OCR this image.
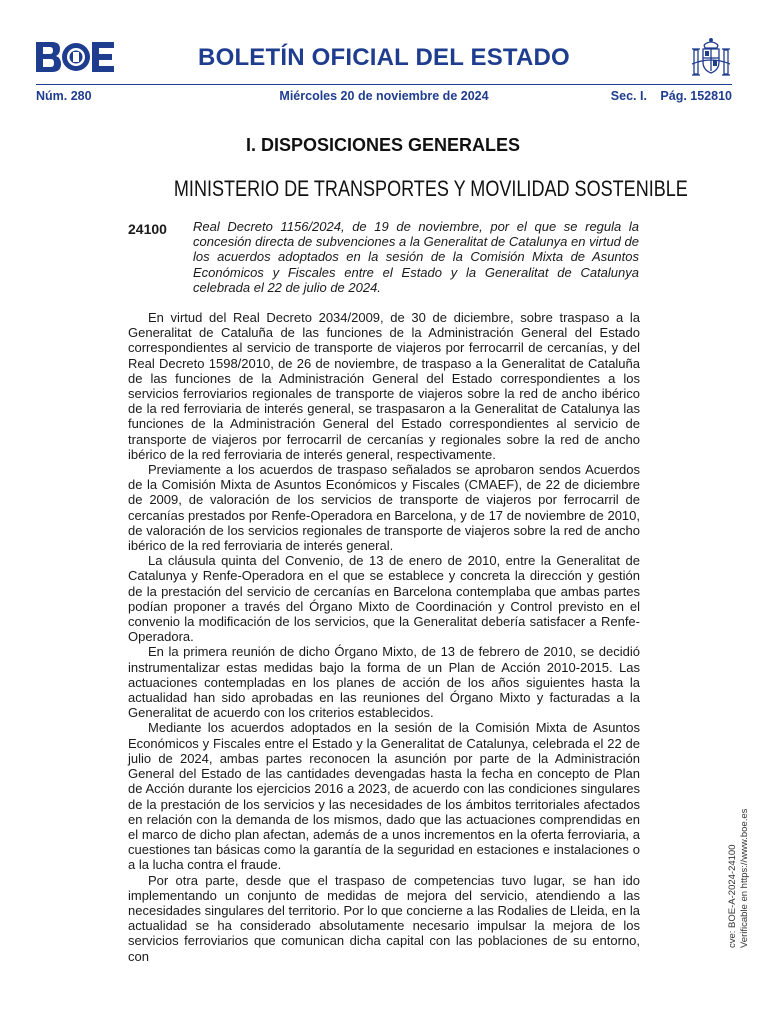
BOLETÍN OFICIAL DEL ESTADO
Núm. 280	Miércoles 20 de noviembre de 2024	Sec. I. Pág. 152810
I. DISPOSICIONES GENERALES
MINISTERIO DE TRANSPORTES Y MOVILIDAD SOSTENIBLE
24100 Real Decreto 1156/2024, de 19 de noviembre, por el que se regula la concesión directa de subvenciones a la Generalitat de Catalunya en virtud de los acuerdos adoptados en la sesión de la Comisión Mixta de Asuntos Económicos y Fiscales entre el Estado y la Generalitat de Catalunya celebrada el 22 de julio de 2024.

En virtud del Real Decreto 2034/2009, de 30 de diciembre, sobre traspaso a la Generalitat de Cataluña de las funciones de la Administración General del Estado correspondientes al servicio de transporte de viajeros por ferrocarril de cercanías, y del Real Decreto 1598/2010, de 26 de noviembre, de traspaso a la Generalitat de Cataluña de las funciones de la Administración General del Estado correspondientes a los servicios ferroviarios regionales de transporte de viajeros sobre la red de ancho ibérico de la red ferroviaria de interés general, se traspasaron a la Generalitat de Catalunya las funciones de la Administración General del Estado correspondientes al servicio de transporte de viajeros por ferrocarril de cercanías y regionales sobre la red de ancho ibérico de la red ferroviaria de interés general, respectivamente.

Previamente a los acuerdos de traspaso señalados se aprobaron sendos Acuerdos de la Comisión Mixta de Asuntos Económicos y Fiscales (CMAEF), de 22 de diciembre de 2009, de valoración de los servicios de transporte de viajeros por ferrocarril de cercanías prestados por Renfe-Operadora en Barcelona, y de 17 de noviembre de 2010, de valoración de los servicios regionales de transporte de viajeros sobre la red de ancho ibérico de la red ferroviaria de interés general.

La cláusula quinta del Convenio, de 13 de enero de 2010, entre la Generalitat de Catalunya y Renfe-Operadora en el que se establece y concreta la dirección y gestión de la prestación del servicio de cercanías en Barcelona contemplaba que ambas partes podían proponer a través del Órgano Mixto de Coordinación y Control previsto en el convenio la modificación de los servicios, que la Generalitat debería satisfacer a Renfe-Operadora.

En la primera reunión de dicho Órgano Mixto, de 13 de febrero de 2010, se decidió instrumentalizar estas medidas bajo la forma de un Plan de Acción 2010-2015. Las actuaciones contempladas en los planes de acción de los años siguientes hasta la actualidad han sido aprobadas en las reuniones del Órgano Mixto y facturadas a la Generalitat de acuerdo con los criterios establecidos.

Mediante los acuerdos adoptados en la sesión de la Comisión Mixta de Asuntos Económicos y Fiscales entre el Estado y la Generalitat de Catalunya, celebrada el 22 de julio de 2024, ambas partes reconocen la asunción por parte de la Administración General del Estado de las cantidades devengadas hasta la fecha en concepto de Plan de Acción durante los ejercicios 2016 a 2023, de acuerdo con las condiciones singulares de la prestación de los servicios y las necesidades de los ámbitos territoriales afectados en relación con la demanda de los mismos, dado que las actuaciones comprendidas en el marco de dicho plan afectan, además de a unos incrementos en la oferta ferroviaria, a cuestiones tan básicas como la garantía de la seguridad en estaciones e instalaciones o a la lucha contra el fraude.

Por otra parte, desde que el traspaso de competencias tuvo lugar, se han ido implementando un conjunto de medidas de mejora del servicio, atendiendo a las necesidades singulares del territorio. Por lo que concierne a las Rodalies de Lleida, en la actualidad se ha considerado absolutamente necesario impulsar la mejora de los servicios ferroviarios que comunican dicha capital con las poblaciones de su entorno, con

cve: BOE-A-2024-24100 Verificable en https://www.boe.es
